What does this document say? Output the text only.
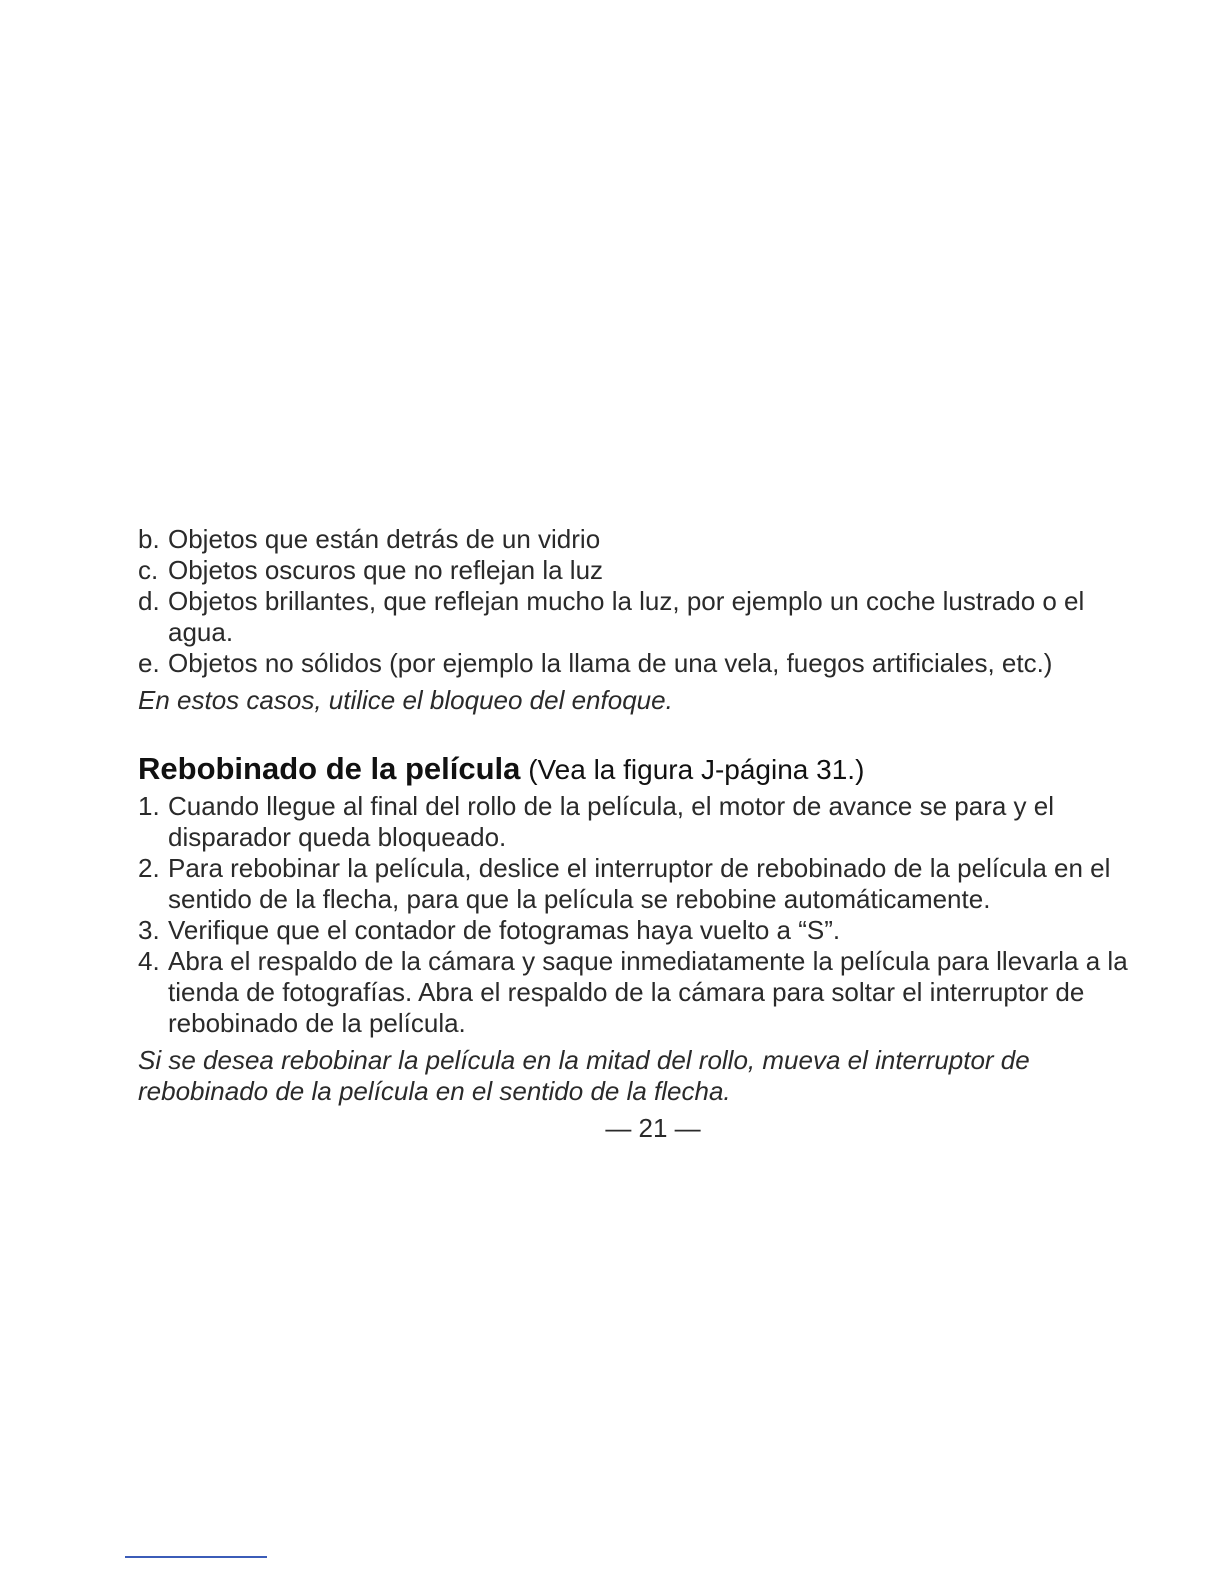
b. Objetos que están detrás de un vidrio
c. Objetos oscuros que no reflejan la luz
d. Objetos brillantes, que reflejan mucho la luz, por ejemplo un coche lustrado o el agua.
e. Objetos no sólidos (por ejemplo la llama de una vela, fuegos artificiales, etc.)

En estos casos, utilice el bloqueo del enfoque.

Rebobinado de la película (Vea la figura J-página 31.)
1. Cuando llegue al final del rollo de la película, el motor de avance se para y el disparador queda bloqueado.
2. Para rebobinar la película, deslice el interruptor de rebobinado de la película en el sentido de la flecha, para que la película se rebobine automáticamente.
3. Verifique que el contador de fotogramas haya vuelto a “S”.
4. Abra el respaldo de la cámara y saque inmediatamente la película para llevarla a la tienda de fotografías. Abra el respaldo de la cámara para soltar el interruptor de rebobinado de la película.

Si se desea rebobinar la película en la mitad del rollo, mueva el interruptor de rebobinado de la película en el sentido de la flecha.

— 21 —
